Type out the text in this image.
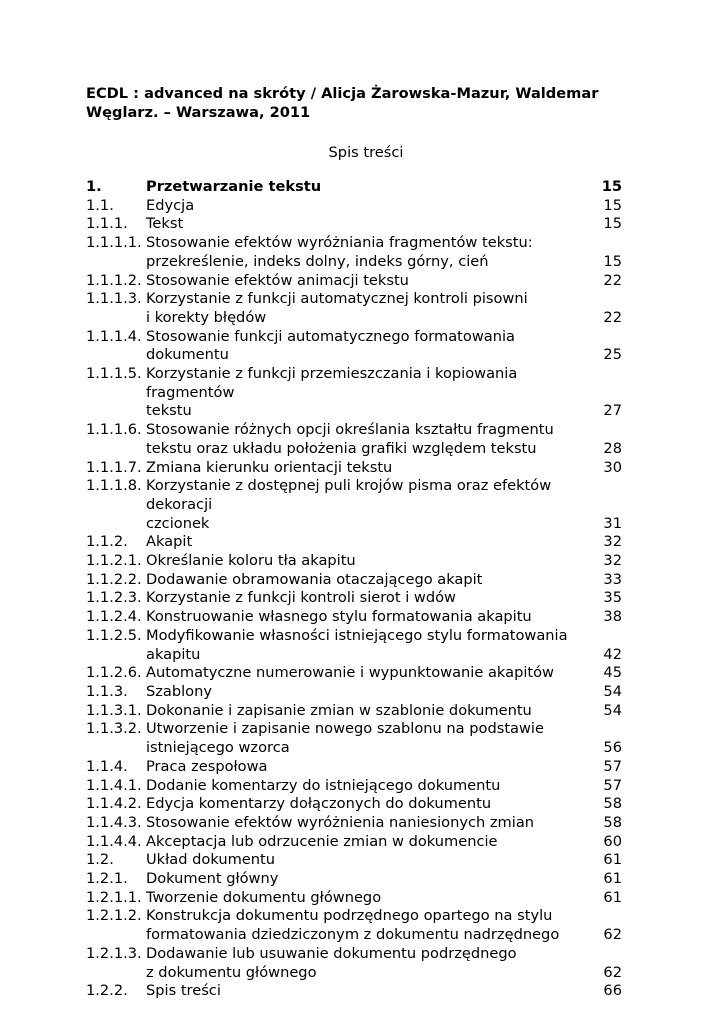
ECDL : advanced na skróty / Alicja Żarowska-Mazur, Waldemar Węglarz. – Warszawa, 2011
Spis treści
1.	Przetwarzanie tekstu	15
1.1.	Edycja	15
1.1.1.	Tekst	15
1.1.1.1. Stosowanie efektów wyróżniania fragmentów tekstu:
przekreślenie, indeks dolny, indeks górny, cień	15
1.1.1.2. Stosowanie efektów animacji tekstu	22
1.1.1.3. Korzystanie z funkcji automatycznej kontroli pisowni
i korekty błędów	22
1.1.1.4. Stosowanie funkcji automatycznego formatowania dokumentu	25
1.1.1.5. Korzystanie z funkcji przemieszczania i kopiowania fragmentów
tekstu	27
1.1.1.6. Stosowanie różnych opcji określania kształtu fragmentu
tekstu oraz układu położenia grafiki względem tekstu	28
1.1.1.7. Zmiana kierunku orientacji tekstu	30
1.1.1.8. Korzystanie z dostępnej puli krojów pisma oraz efektów dekoracji
czcionek	31
1.1.2.	Akapit	32
1.1.2.1. Określanie koloru tła akapitu	32
1.1.2.2. Dodawanie obramowania otaczającego akapit	33
1.1.2.3. Korzystanie z funkcji kontroli sierot i wdów	35
1.1.2.4. Konstruowanie własnego stylu formatowania akapitu	38
1.1.2.5. Modyfikowanie własności istniejącego stylu formatowania akapitu	42
1.1.2.6. Automatyczne numerowanie i wypunktowanie akapitów	45
1.1.3.	Szablony	54
1.1.3.1. Dokonanie i zapisanie zmian w szablonie dokumentu	54
1.1.3.2. Utworzenie i zapisanie nowego szablonu na podstawie
istniejącego wzorca	56
1.1.4.	Praca zespołowa	57
1.1.4.1. Dodanie komentarzy do istniejącego dokumentu	57
1.1.4.2. Edycja komentarzy dołączonych do dokumentu	58
1.1.4.3. Stosowanie efektów wyróżnienia naniesionych zmian	58
1.1.4.4. Akceptacja lub odrzucenie zmian w dokumencie	60
1.2.	Układ dokumentu	61
1.2.1.	Dokument główny	61
1.2.1.1. Tworzenie dokumentu głównego	61
1.2.1.2. Konstrukcja dokumentu podrzędnego opartego na stylu
formatowania dziedziczonym z dokumentu nadrzędnego	62
1.2.1.3. Dodawanie lub usuwanie dokumentu podrzędnego
z dokumentu głównego	62
1.2.2.	Spis treści	66
